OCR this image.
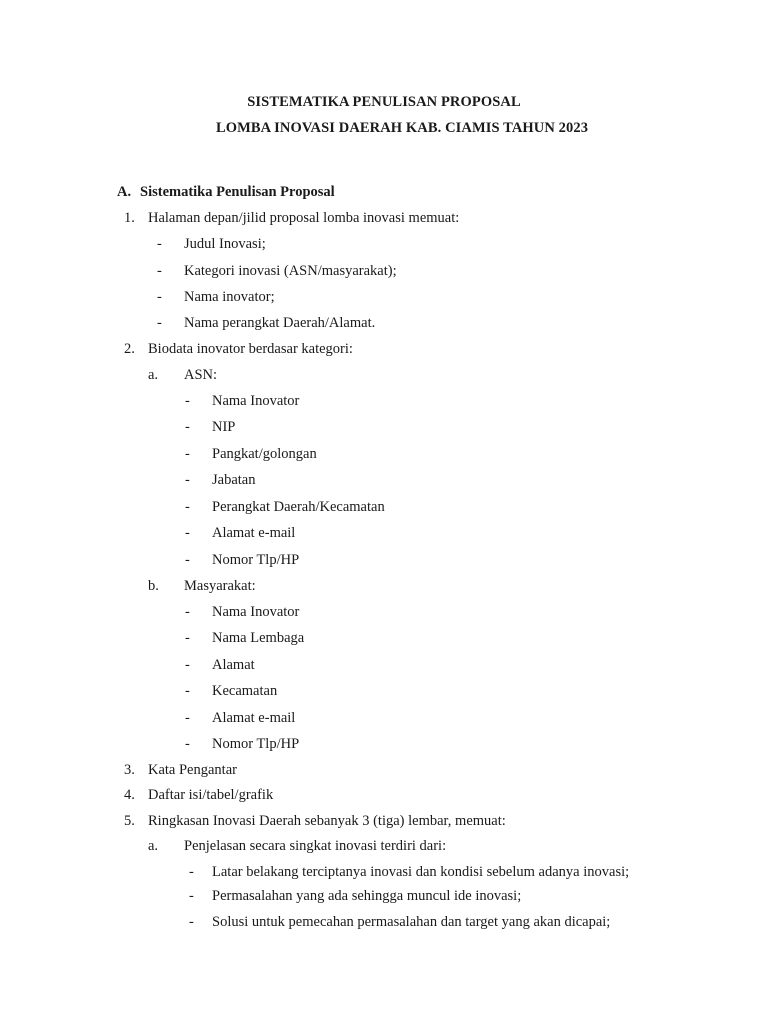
SISTEMATIKA PENULISAN PROPOSAL
LOMBA INOVASI DAERAH KAB. CIAMIS TAHUN 2023
A. Sistematika Penulisan Proposal
1. Halaman depan/jilid proposal lomba inovasi memuat:
- Judul Inovasi;
- Kategori inovasi (ASN/masyarakat);
- Nama inovator;
- Nama perangkat Daerah/Alamat.
2. Biodata inovator berdasar kategori:
a. ASN:
- Nama Inovator
- NIP
- Pangkat/golongan
- Jabatan
- Perangkat Daerah/Kecamatan
- Alamat e-mail
- Nomor Tlp/HP
b. Masyarakat:
- Nama Inovator
- Nama Lembaga
- Alamat
- Kecamatan
- Alamat e-mail
- Nomor Tlp/HP
3. Kata Pengantar
4. Daftar isi/tabel/grafik
5. Ringkasan Inovasi Daerah sebanyak 3 (tiga) lembar, memuat:
a. Penjelasan secara singkat inovasi terdiri dari:
- Latar belakang terciptanya inovasi dan kondisi sebelum adanya inovasi;
- Permasalahan yang ada sehingga muncul ide inovasi;
- Solusi untuk pemecahan permasalahan dan target yang akan dicapai;
